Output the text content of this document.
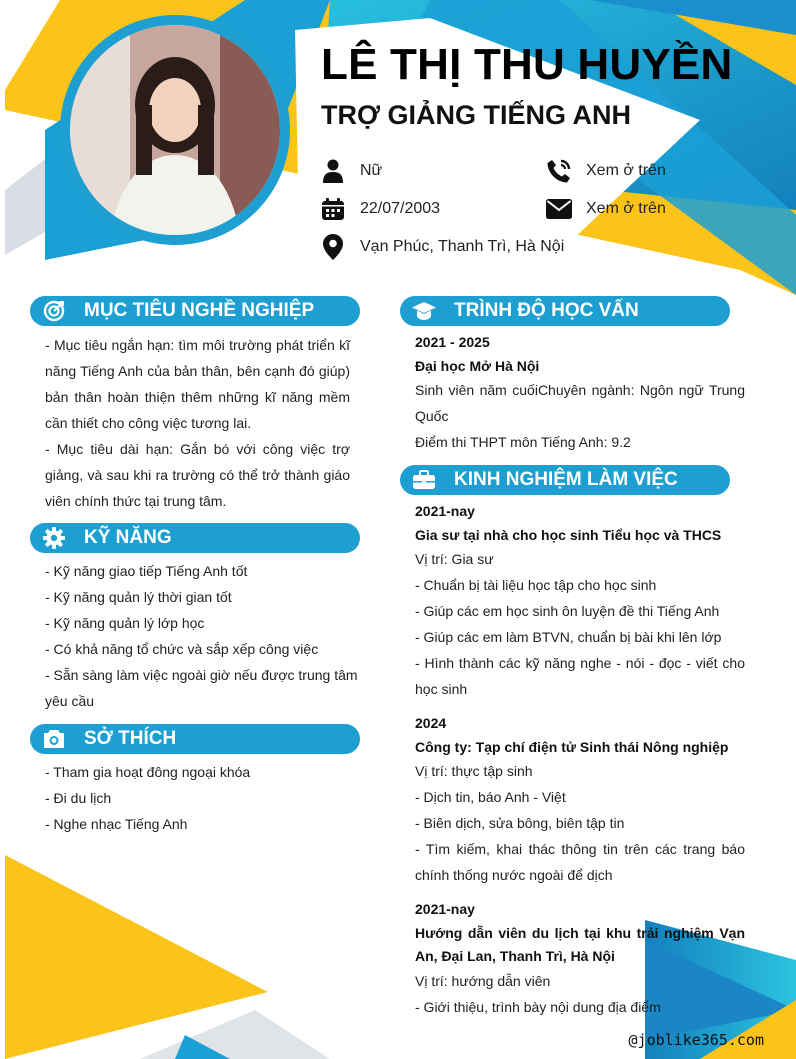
LÊ THỊ THU HUYỀN
TRỢ GIẢNG TIẾNG ANH
Nữ
22/07/2003
Vạn Phúc, Thanh Trì, Hà Nội
Xem ở trên
Xem ở trên
MỤC TIÊU NGHỀ NGHIỆP

- Mục tiêu ngắn hạn: tìm môi trường phát triển kĩ năng Tiếng Anh của bản thân, bên cạnh đó giúp) bản thân hoàn thiện thêm những kĩ năng mềm cần thiết cho công việc tương lai.

- Mục tiêu dài hạn: Gắn bó với công việc trợ giảng, và sau khi ra trường có thể trở thành giáo viên chính thức tại trung tâm.

KỸ NĂNG

- Kỹ năng giao tiếp Tiếng Anh tốt

- Kỹ năng quản lý thời gian tốt

- Kỹ năng quản lý lớp học

- Có khả năng tổ chức và sắp xếp công việc

- Sẵn sàng làm việc ngoài giờ nếu được trung tâm yêu cầu

SỞ THÍCH

- Tham gia hoạt đông ngoại khóa

- Đi du lịch

- Nghe nhạc Tiếng Anh

TRÌNH ĐỘ HỌC VẤN

2021 - 2025

Đại học Mở Hà Nội

Sinh viên năm cuốiChuyên ngành: Ngôn ngữ Trung Quốc

Điểm thi THPT môn Tiếng Anh: 9.2

KINH NGHIỆM LÀM VIỆC

2021-nay

Gia sư tại nhà cho học sinh Tiểu học và THCS

Vị trí: Gia sư

- Chuẩn bị tài liệu học tập cho học sinh

- Giúp các em học sinh ôn luyện đề thi Tiếng Anh

- Giúp các em làm BTVN, chuẩn bị bài khi lên lớp

- Hình thành các kỹ năng nghe - nói - đọc - viết cho học sinh

2024

Công ty: Tạp chí điện tử Sinh thái Nông nghiệp

Vị trí: thực tập sinh

- Dịch tin, báo Anh - Việt

- Biên dịch, sửa bông, biên tập tin

- Tìm kiếm, khai thác thông tin trên các trang báo chính thống nước ngoài để dịch

2021-nay

Hướng dẫn viên du lịch tại khu trải nghiệm Vạn An, Đại Lan, Thanh Trì, Hà Nội

Vị trí: hướng dẫn viên

- Giới thiệu, trình bày nội dung địa điểm

@joblike365.com
